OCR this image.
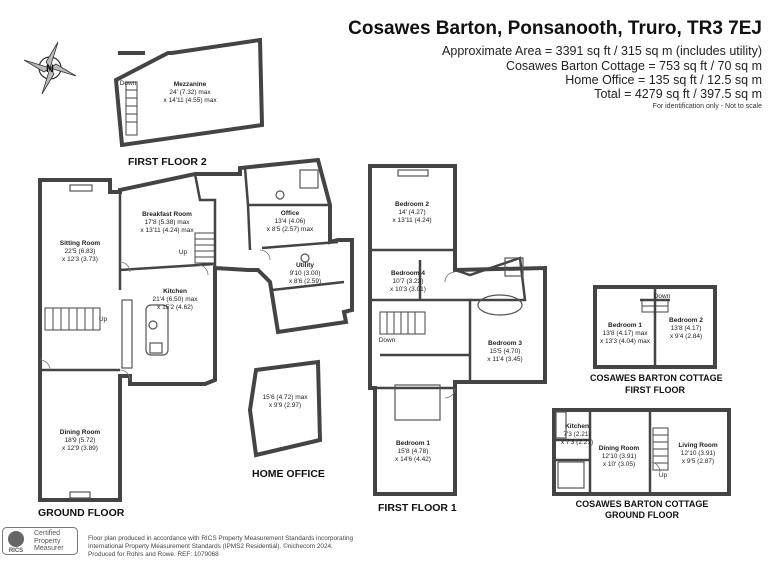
Cosawes Barton, Ponsanooth, Truro, TR3 7EJ
Approximate Area = 3391 sq ft / 315 sq m (includes utility)
Cosawes Barton Cottage = 753 sq ft / 70 sq m
Home Office = 135 sq ft / 12.5 sq m
Total = 4279 sq ft / 397.5 sq m
For identification only - Not to scale
N
Mezzanine
24' (7.32) max
x 14'11 (4.55) max
Down
Breakfast Room
17'8 (5.38) max
x 13'11 (4.24) max
Up
Office
13'4 (4.06)
x 8'5 (2.57) max
Sitting Room
22'5 (6.83)
x 12'3 (3.73)
Up
Utility
9'10 (3.00)
x 8'6 (2.59)
Kitchen
21'4 (6.50) max
x 15'2 (4.62)
Dining Room
18'9 (5.72)
x 12'9 (3.89)
15'6 (4.72) max
x 9'9 (2.97)
Bedroom 2
14' (4.27)
x 13'11 (4.24)
Bedroom 4
10'7 (3.23)
x 10'3 (3.01)
Bedroom 3
15'5 (4.70)
x 11'4 (3.45)
Down
Bedroom 1
15'8 (4.78)
x 14'6 (4.42)
Bedroom 1
13'8 (4.17) max
x 13'3 (4.04) max
Down
Bedroom 2
13'8 (4.17)
x 9'4 (2.84)
Kitchen
7'3 (2.21)
x 7'3 (2.21)
Dining Room
12'10 (3.91)
x 10' (3.05)
Up
Living Room
12'10 (3.91)
x 9'5 (2.87)
FIRST FLOOR 2
GROUND FLOOR
HOME OFFICE
FIRST FLOOR 1
COSAWES BARTON COTTAGE
FIRST FLOOR
COSAWES BARTON COTTAGE
GROUND FLOOR
RICS
Certified
Property
Measurer
Floor plan produced in accordance with RICS Property Measurement Standards incorporating
International Property Measurement Standards (IPMS2 Residential). ©nichecom 2024.
Produced for Rohrs and Rowe. REF: 1079068
